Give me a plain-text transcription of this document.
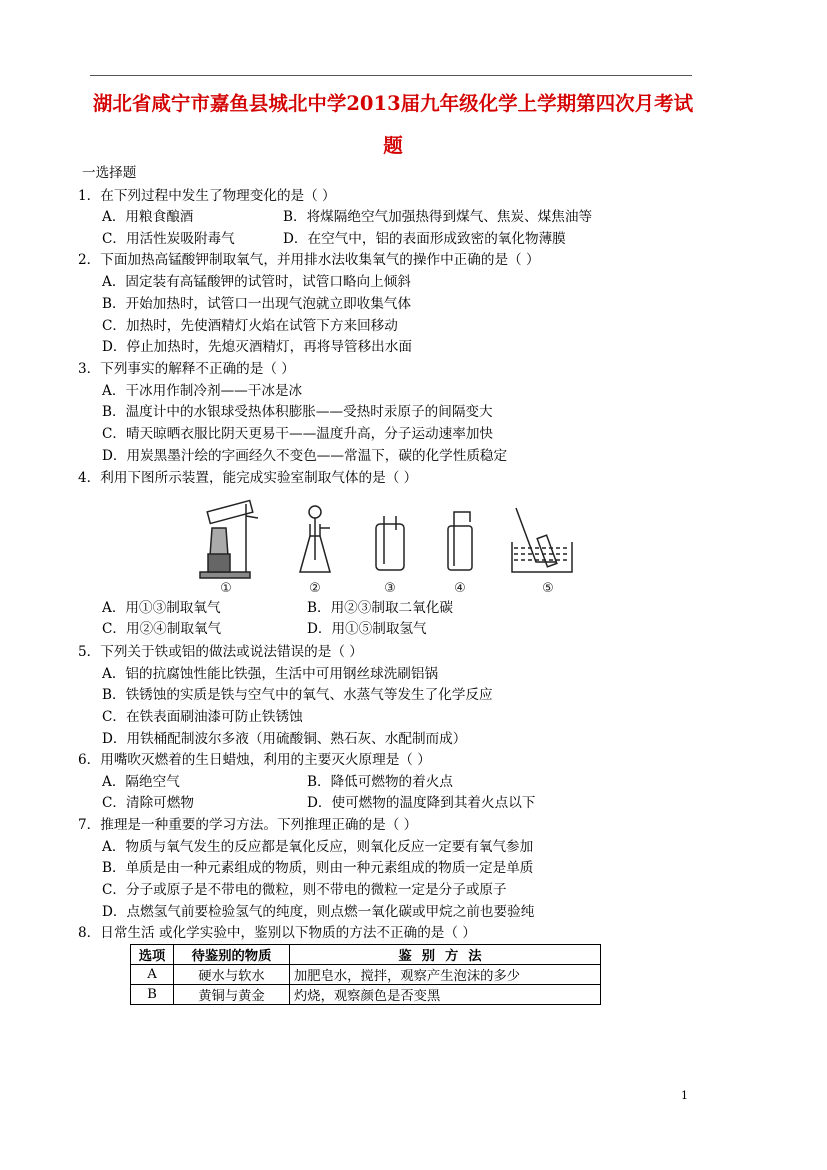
湖北省咸宁市嘉鱼县城北中学2013届九年级化学上学期第四次月考试
题
一选择题
1．在下列过程中发生了物理变化的是（ ）
A．用粮食酿酒	B．将煤隔绝空气加强热得到煤气、焦炭、煤焦油等
C．用活性炭吸附毒气	D．在空气中，铝的表面形成致密的氧化物薄膜
2．下面加热高锰酸钾制取氧气，并用排水法收集氧气的操作中正确的是（ ）
A．固定装有高锰酸钾的试管时，试管口略向上倾斜
B．开始加热时，试管口一出现气泡就立即收集气体
C．加热时，先使酒精灯火焰在试管下方来回移动
D．停止加热时，先熄灭酒精灯，再将导管移出水面
3．下列事实的解释不正确的是（ ）
A．干冰用作制冷剂——干冰是冰
B．温度计中的水银球受热体积膨胀——受热时汞原子的间隔变大
C．晴天晾晒衣服比阴天更易干——温度升高，分子运动速率加快
D．用炭黑墨汁绘的字画经久不变色——常温下，碳的化学性质稳定
4．利用下图所示装置，能完成实验室制取气体的是（ ）
①	②	③	④	⑤
A．用①③制取氧气	B．用②③制取二氧化碳
C．用②④制取氧气	D．用①⑤制取氢气
5．下列关于铁或铝的做法或说法错误的是（ ）
A．铝的抗腐蚀性能比铁强，生活中可用钢丝球洗刷铝锅
B．铁锈蚀的实质是铁与空气中的氧气、水蒸气等发生了化学反应
C．在铁表面刷油漆可防止铁锈蚀
D．用铁桶配制波尔多液（用硫酸铜、熟石灰、水配制而成）
6．用嘴吹灭燃着的生日蜡烛，利用的主要灭火原理是（ ）
A．隔绝空气	B．降低可燃物的着火点
C．清除可燃物	D．使可燃物的温度降到其着火点以下
7．推理是一种重要的学习方法。下列推理正确的是（ ）
A．物质与氧气发生的反应都是氧化反应，则氧化反应一定要有氧气参加
B．单质是由一种元素组成的物质，则由一种元素组成的物质一定是单质
C．分子或原子是不带电的微粒，则不带电的微粒一定是分子或原子
D．点燃氢气前要检验氢气的纯度，则点燃一氧化碳或甲烷之前也要验纯
8．日常生活 或化学实验中，鉴别以下物质的方法不正确的是（ ）
选项	待鉴别的物质	鉴别方法
A	硬水与软水	加肥皂水，搅拌，观察产生泡沫的多少
B	黄铜与黄金	灼烧，观察颜色是否变黑
1
